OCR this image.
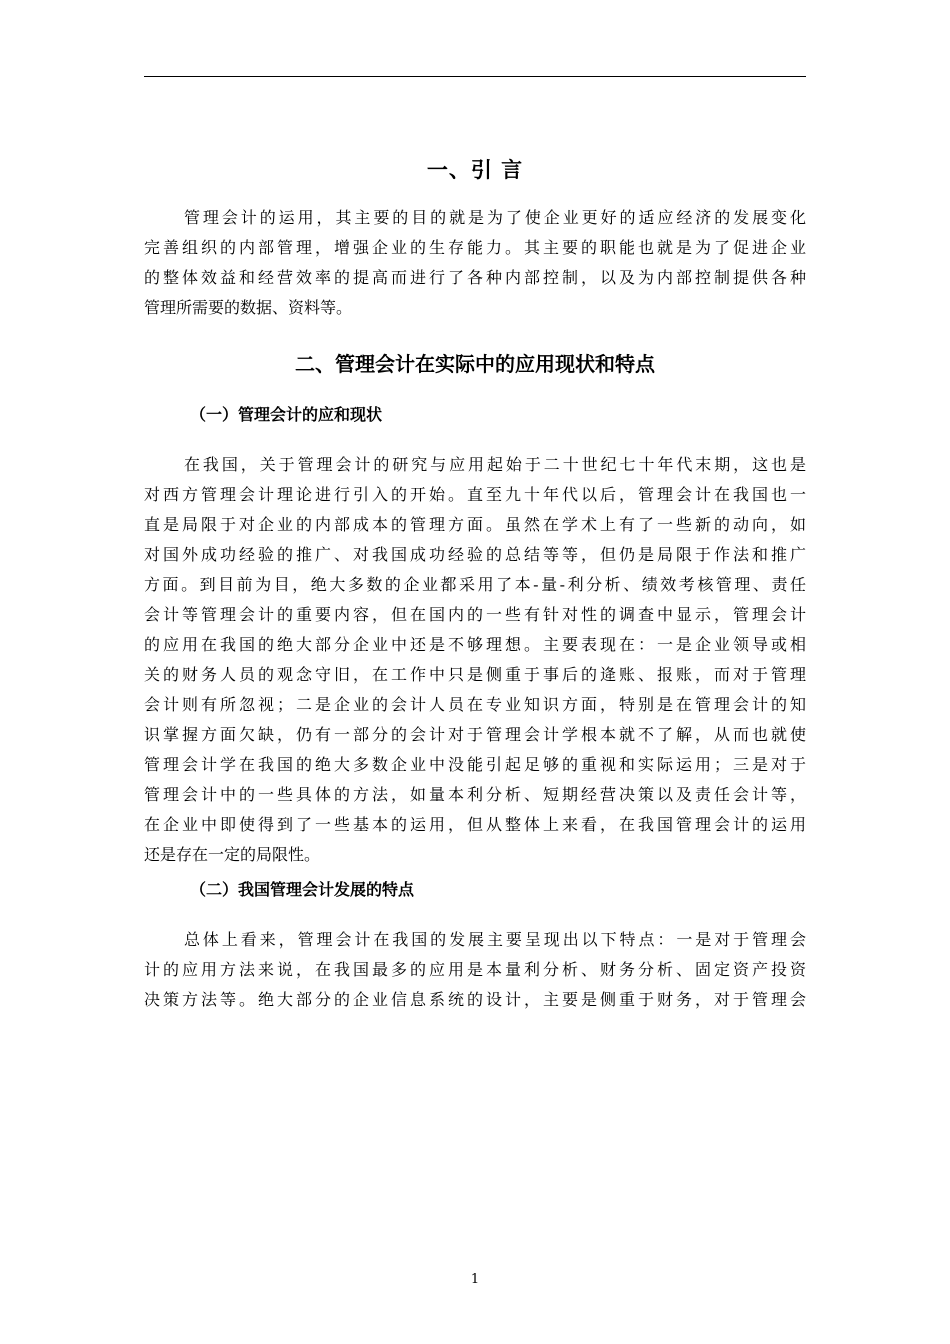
一、引 言
管理会计的运用，其主要的目的就是为了使企业更好的适应经济的发展变化
完善组织的内部管理，增强企业的生存能力。其主要的职能也就是为了促进企业
的整体效益和经营效率的提高而进行了各种内部控制，以及为内部控制提供各种
管理所需要的数据、资料等。
二、管理会计在实际中的应用现状和特点
（一）管理会计的应和现状
在我国，关于管理会计的研究与应用起始于二十世纪七十年代末期，这也是
对西方管理会计理论进行引入的开始。直至九十年代以后，管理会计在我国也一
直是局限于对企业的内部成本的管理方面。虽然在学术上有了一些新的动向，如
对国外成功经验的推广、对我国成功经验的总结等等，但仍是局限于作法和推广
方面。到目前为目，绝大多数的企业都采用了本-量-利分析、绩效考核管理、责任
会计等管理会计的重要内容，但在国内的一些有针对性的调查中显示，管理会计
的应用在我国的绝大部分企业中还是不够理想。主要表现在：一是企业领导或相
关的财务人员的观念守旧，在工作中只是侧重于事后的逄账、报账，而对于管理
会计则有所忽视；二是企业的会计人员在专业知识方面，特别是在管理会计的知
识掌握方面欠缺，仍有一部分的会计对于管理会计学根本就不了解，从而也就使
管理会计学在我国的绝大多数企业中没能引起足够的重视和实际运用；三是对于
管理会计中的一些具体的方法，如量本利分析、短期经营决策以及责任会计等，
在企业中即使得到了一些基本的运用，但从整体上来看，在我国管理会计的运用
还是存在一定的局限性。
（二）我国管理会计发展的特点
总体上看来，管理会计在我国的发展主要呈现出以下特点：一是对于管理会
计的应用方法来说，在我国最多的应用是本量利分析、财务分析、固定资产投资
决策方法等。绝大部分的企业信息系统的设计，主要是侧重于财务，对于管理会
1
